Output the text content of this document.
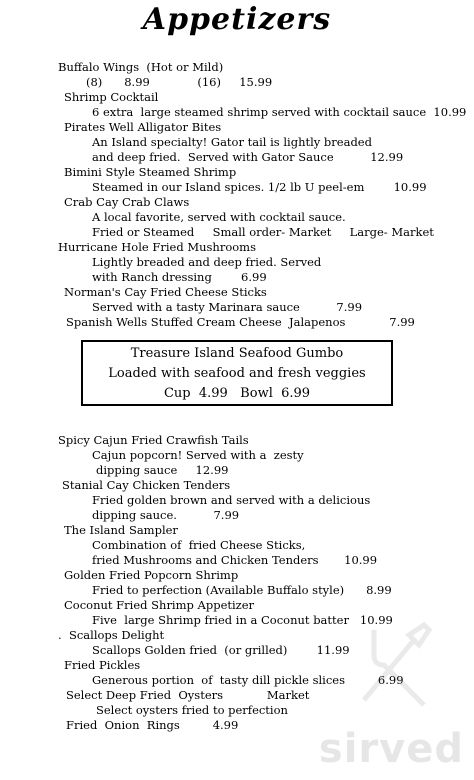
Appetizers
Buffalo Wings  (Hot or Mild)
(8)      8.99             (16)     15.99
Shrimp Cocktail
6 extra  large steamed shrimp served with cocktail sauce  10.99
Pirates Well Alligator Bites
An Island specialty! Gator tail is lightly breaded
and deep fried.  Served with Gator Sauce          12.99
Bimini Style Steamed Shrimp
Steamed in our Island spices. 1/2 lb U peel-em        10.99
Crab Cay Crab Claws
A local favorite, served with cocktail sauce.
Fried or Steamed     Small order- Market     Large- Market
Hurricane Hole Fried Mushrooms
Lightly breaded and deep fried. Served
with Ranch dressing        6.99
Norman's Cay Fried Cheese Sticks
Served with a tasty Marinara sauce          7.99
Spanish Wells Stuffed Cream Cheese  Jalapenos            7.99
Treasure Island Seafood Gumbo
Loaded with seafood and fresh veggies
Cup  4.99   Bowl  6.99
Spicy Cajun Fried Crawfish Tails
Cajun popcorn! Served with a  zesty
dipping sauce     12.99
Stanial Cay Chicken Tenders
Fried golden brown and served with a delicious
dipping sauce.          7.99
The Island Sampler
Combination of  fried Cheese Sticks,
fried Mushrooms and Chicken Tenders       10.99
Golden Fried Popcorn Shrimp
Fried to perfection (Available Buffalo style)      8.99
Coconut Fried Shrimp Appetizer
Five  large Shrimp fried in a Coconut batter   10.99
.  Scallops Delight
Scallops Golden fried  (or grilled)        11.99
Fried Pickles
Generous portion  of  tasty dill pickle slices         6.99
Select Deep Fried  Oysters            Market
Select oysters fried to perfection
Fried  Onion  Rings         4.99
sirved
